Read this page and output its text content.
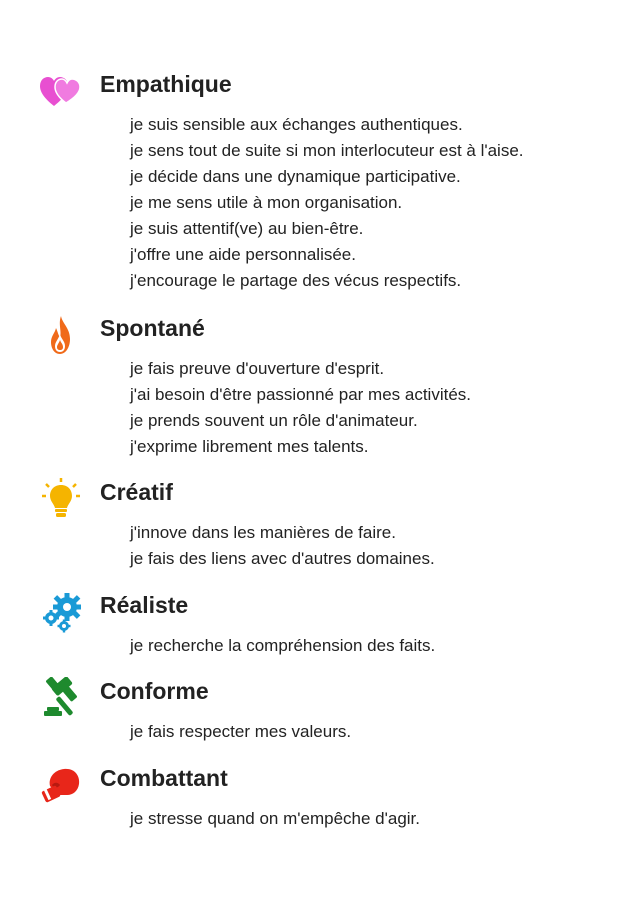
Empathique
je suis sensible aux échanges authentiques.
je sens tout de suite si mon interlocuteur est à l'aise.
je décide dans une dynamique participative.
je me sens utile à mon organisation.
je suis attentif(ve) au bien-être.
j'offre une aide personnalisée.
j'encourage le partage des vécus respectifs.
Spontané
je fais preuve d'ouverture d'esprit.
j'ai besoin d'être passionné par mes activités.
je prends souvent un rôle d'animateur.
j'exprime librement mes talents.
Créatif
j'innove dans les manières de faire.
je fais des liens avec d'autres domaines.
Réaliste
je recherche la compréhension des faits.
Conforme
je fais respecter mes valeurs.
Combattant
je stresse quand on m'empêche d'agir.
